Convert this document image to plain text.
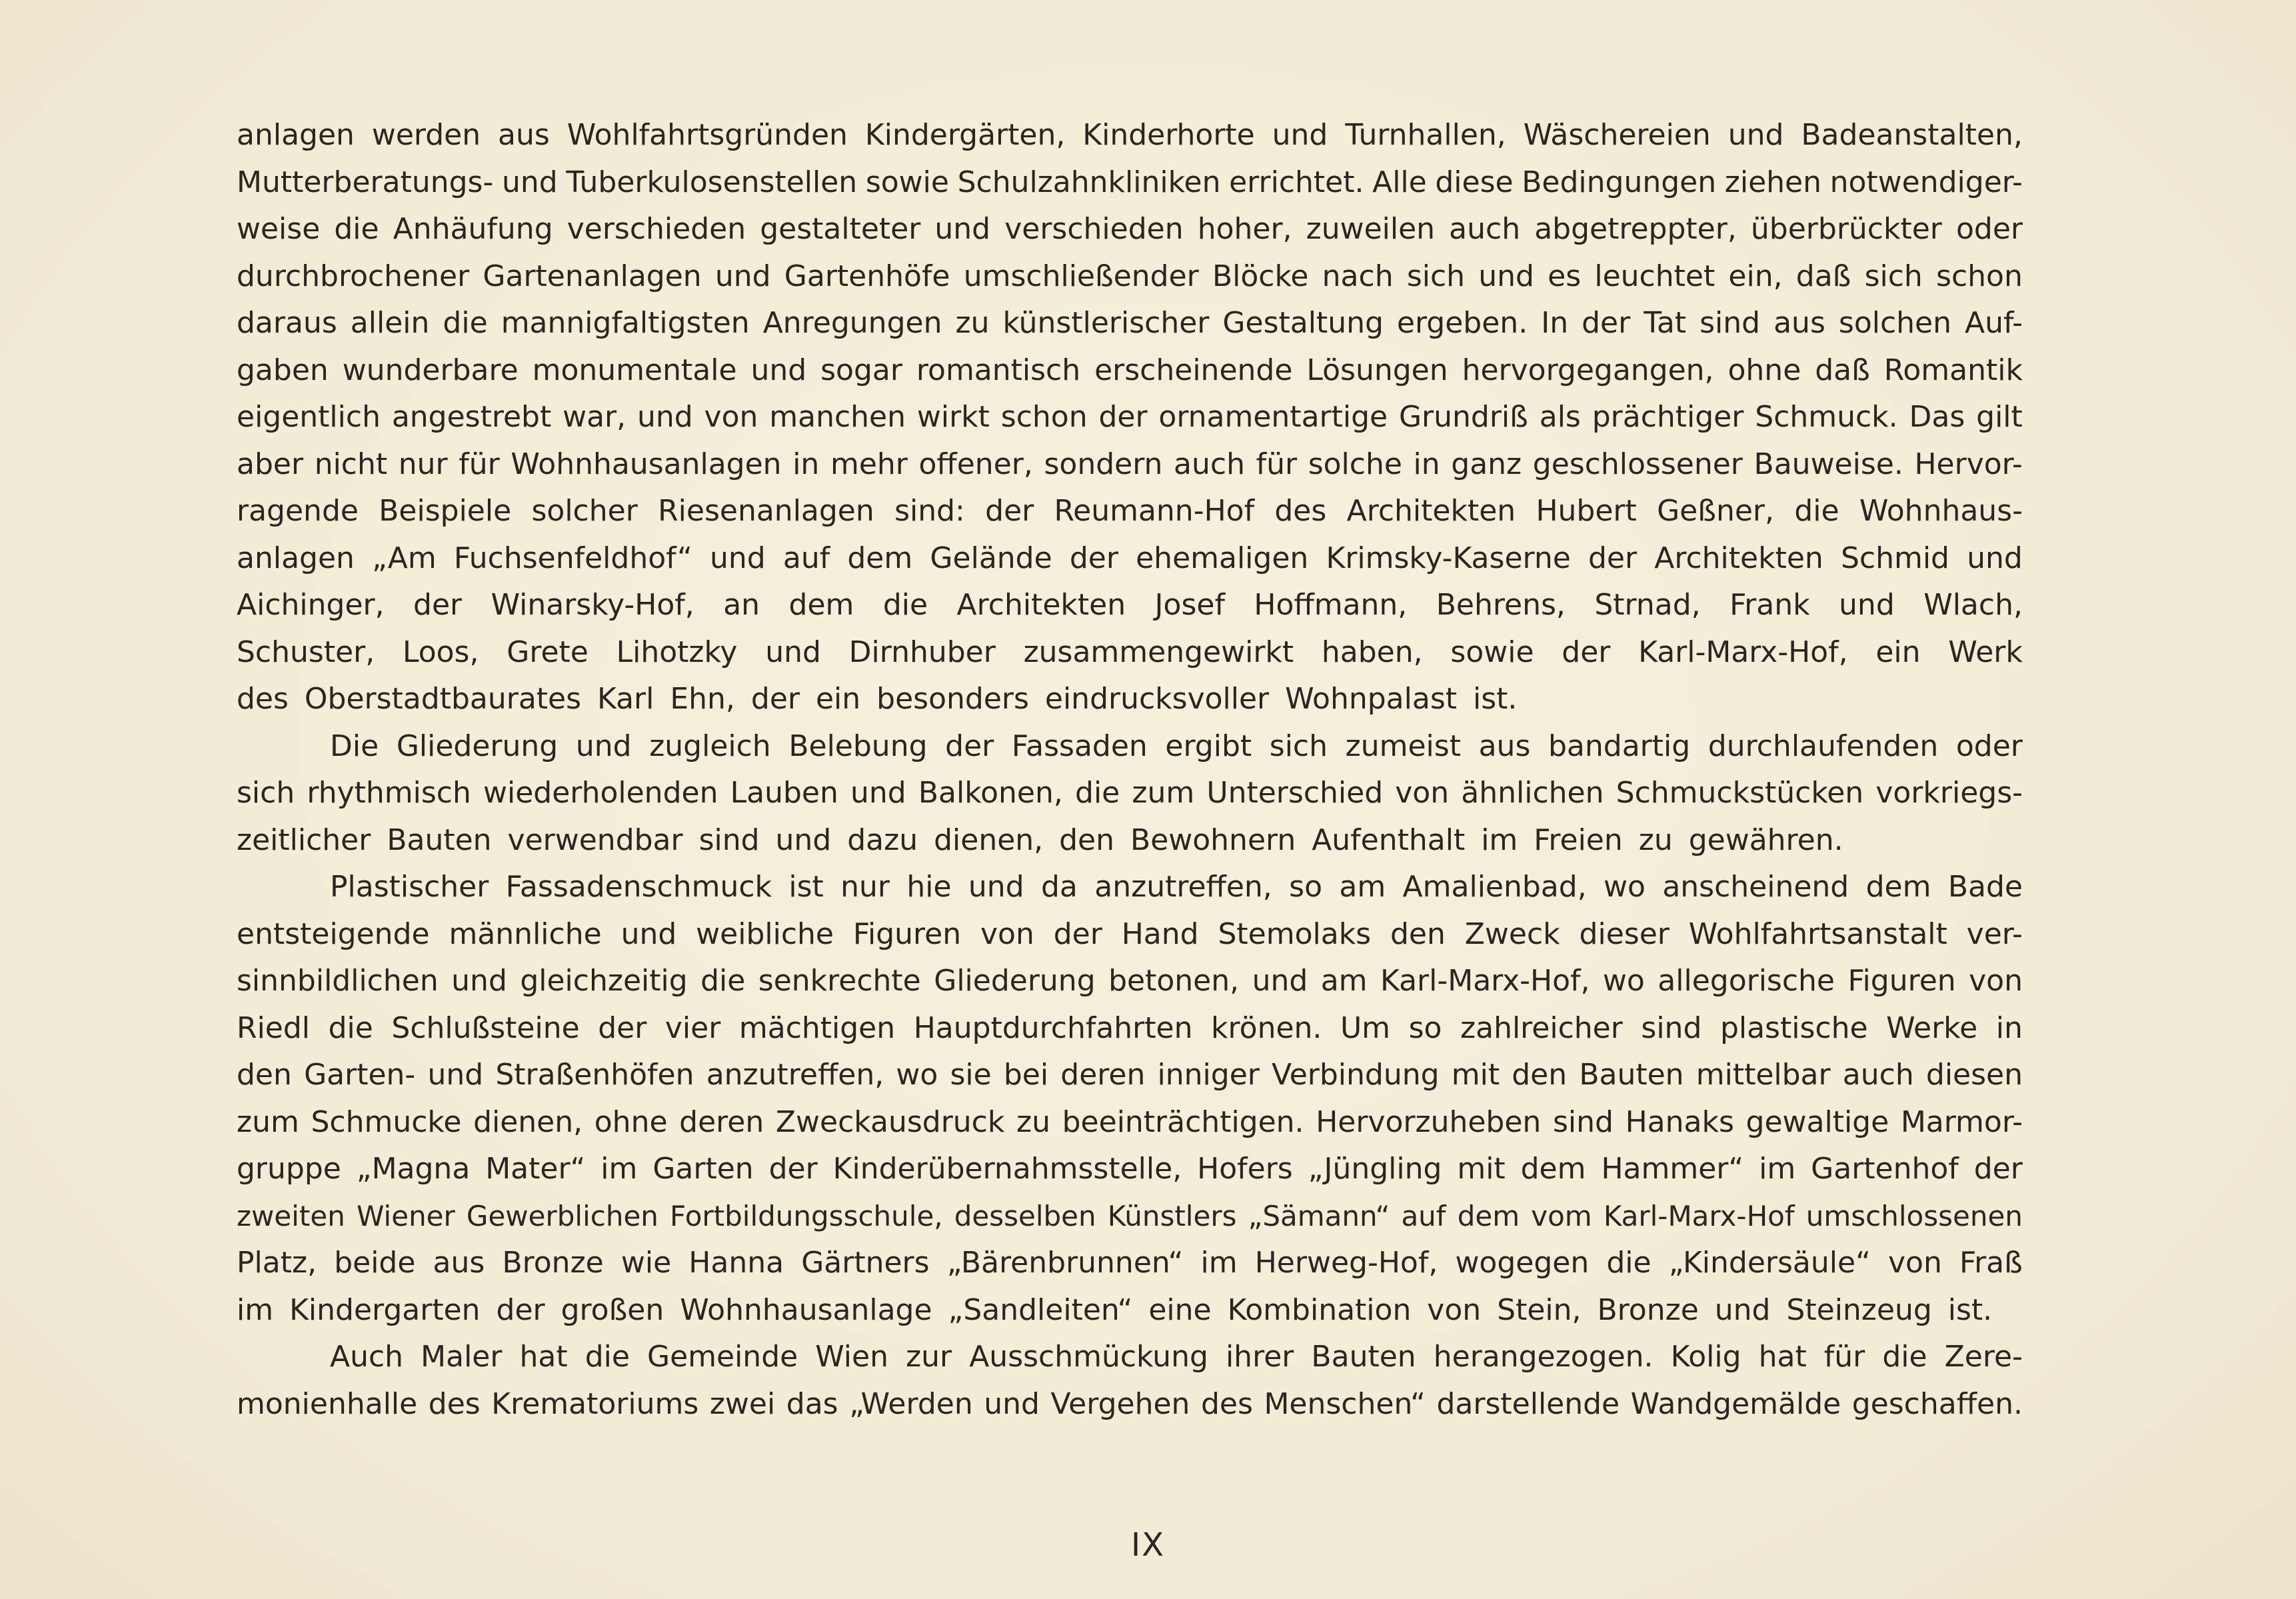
anlagen werden aus Wohlfahrtsgründen Kindergärten, Kinderhorte und Turnhallen, Wäschereien und Badeanstalten,
Mutterberatungs- und Tuberkulosenstellen sowie Schulzahnkliniken errichtet. Alle diese Bedingungen ziehen notwendiger-
weise die Anhäufung verschieden gestalteter und verschieden hoher, zuweilen auch abgetreppter, überbrückter oder
durchbrochener Gartenanlagen und Gartenhöfe umschließender Blöcke nach sich und es leuchtet ein, daß sich schon
daraus allein die mannigfaltigsten Anregungen zu künstlerischer Gestaltung ergeben. In der Tat sind aus solchen Auf-
gaben wunderbare monumentale und sogar romantisch erscheinende Lösungen hervorgegangen, ohne daß Romantik
eigentlich angestrebt war, und von manchen wirkt schon der ornamentartige Grundriß als prächtiger Schmuck. Das gilt
aber nicht nur für Wohnhausanlagen in mehr offener, sondern auch für solche in ganz geschlossener Bauweise. Hervor-
ragende Beispiele solcher Riesenanlagen sind: der Reumann-Hof des Architekten Hubert Geßner, die Wohnhaus-
anlagen „Am Fuchsenfeldhof“ und auf dem Gelände der ehemaligen Krimsky-Kaserne der Architekten Schmid und
Aichinger, der Winarsky-Hof, an dem die Architekten Josef Hoffmann, Behrens, Strnad, Frank und Wlach,
Schuster, Loos, Grete Lihotzky und Dirnhuber zusammengewirkt haben, sowie der Karl-Marx-Hof, ein Werk
des Oberstadtbaurates Karl Ehn, der ein besonders eindrucksvoller Wohnpalast ist.
Die Gliederung und zugleich Belebung der Fassaden ergibt sich zumeist aus bandartig durchlaufenden oder
sich rhythmisch wiederholenden Lauben und Balkonen, die zum Unterschied von ähnlichen Schmuckstücken vorkriegs-
zeitlicher Bauten verwendbar sind und dazu dienen, den Bewohnern Aufenthalt im Freien zu gewähren.
Plastischer Fassadenschmuck ist nur hie und da anzutreffen, so am Amalienbad, wo anscheinend dem Bade
entsteigende männliche und weibliche Figuren von der Hand Stemolaks den Zweck dieser Wohlfahrtsanstalt ver-
sinnbildlichen und gleichzeitig die senkrechte Gliederung betonen, und am Karl-Marx-Hof, wo allegorische Figuren von
Riedl die Schlußsteine der vier mächtigen Hauptdurchfahrten krönen. Um so zahlreicher sind plastische Werke in
den Garten- und Straßenhöfen anzutreffen, wo sie bei deren inniger Verbindung mit den Bauten mittelbar auch diesen
zum Schmucke dienen, ohne deren Zweckausdruck zu beeinträchtigen. Hervorzuheben sind Hanaks gewaltige Marmor-
gruppe „Magna Mater“ im Garten der Kinderübernahmsstelle, Hofers „Jüngling mit dem Hammer“ im Gartenhof der
zweiten Wiener Gewerblichen Fortbildungsschule, desselben Künstlers „Sämann“ auf dem vom Karl-Marx-Hof umschlossenen
Platz, beide aus Bronze wie Hanna Gärtners „Bärenbrunnen“ im Herweg-Hof, wogegen die „Kindersäule“ von Fraß
im Kindergarten der großen Wohnhausanlage „Sandleiten“ eine Kombination von Stein, Bronze und Steinzeug ist.
Auch Maler hat die Gemeinde Wien zur Ausschmückung ihrer Bauten herangezogen. Kolig hat für die Zere-
monienhalle des Krematoriums zwei das „Werden und Vergehen des Menschen“ darstellende Wandgemälde geschaffen.
IX
